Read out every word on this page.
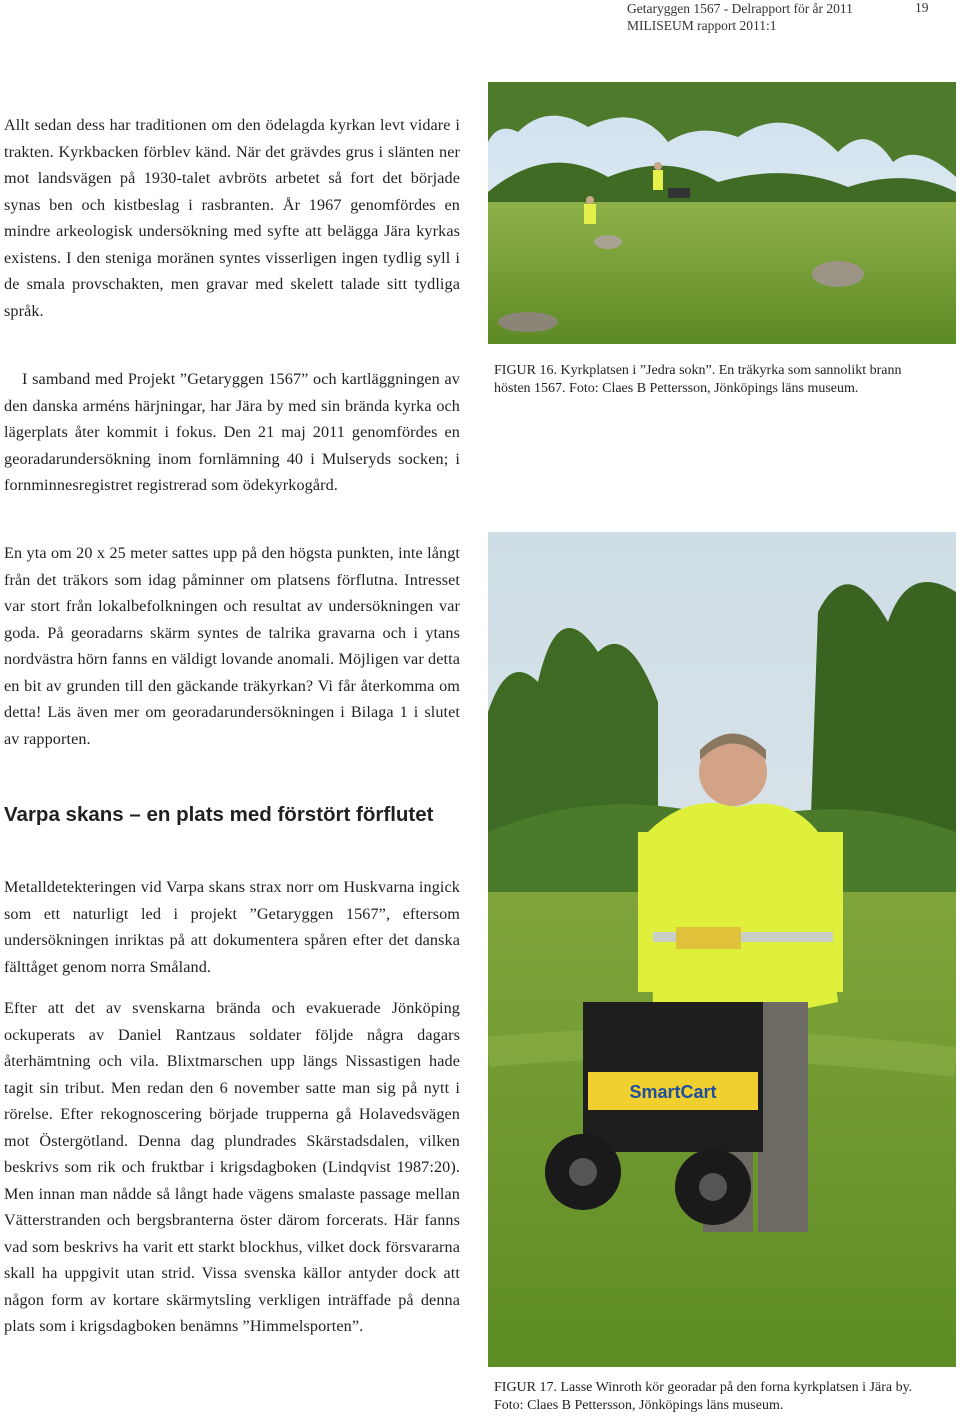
Getaryggen 1567 - Delrapport för år 2011
MILISEUM rapport 2011:1
19

Allt sedan dess har traditionen om den ödelagda kyrkan levt vidare i trakten. Kyrkbacken förblev känd. När det grävdes grus i slänten ner mot landsvägen på 1930-talet avbröts arbetet så fort det började synas ben och kistbeslag i rasbranten. År 1967 genomfördes en mindre arkeologisk undersökning med syfte att belägga Jära kyrkas existens. I den steniga moränen syntes visserligen ingen tydlig syll i de smala provschakten, men gravar med skelett talade sitt tydliga språk.

I samband med Projekt ”Getaryggen 1567” och kartläggningen av den danska arméns härjningar, har Jära by med sin brända kyrka och lägerplats åter kommit i fokus. Den 21 maj 2011 genomfördes en georadarundersökning inom fornlämning 40 i Mulseryds socken; i fornminnesregistret registrerad som ödekyrkogård.

En yta om 20 x 25 meter sattes upp på den högsta punkten, inte långt från det träkors som idag påminner om platsens förflutna. Intresset var stort från lokalbefolkningen och resultat av undersökningen var goda. På georadarns skärm syntes de talrika gravarna och i ytans nordvästra hörn fanns en väldigt lovande anomali. Möjligen var detta en bit av grunden till den gäckande träkyrkan? Vi får återkomma om detta! Läs även mer om georadarundersökningen i Bilaga 1 i slutet av rapporten.

Varpa skans – en plats med förstört förflutet

Metalldetekteringen vid Varpa skans strax norr om Huskvarna ingick som ett naturligt led i projekt ”Getaryggen 1567”, eftersom undersökningen inriktas på att dokumentera spåren efter det danska fälttåget genom norra Småland.

Efter att det av svenskarna brända och evakuerade Jönköping ockuperats av Daniel Rantzaus soldater följde några dagars återhämtning och vila. Blixtmarschen upp längs Nissastigen hade tagit sin tribut. Men redan den 6 november satte man sig på nytt i rörelse. Efter rekognoscering började trupperna gå Holavedsvägen mot Östergötland. Denna dag plundrades Skärstadsdalen, vilken beskrivs som rik och fruktbar i krigsdagboken (Lindqvist 1987:20). Men innan man nådde så långt hade vägens smalaste passage mellan Vätterstranden och bergsbranterna öster därom forcerats. Här fanns vad som beskrivs ha varit ett starkt blockhus, vilket dock försvararna skall ha uppgivit utan strid. Vissa svenska källor antyder dock att någon form av kortare skärmytsling verkligen inträffade på denna plats som i krigsdagboken benämns ”Himmelsporten”.

FIGUR 16. Kyrkplatsen i ”Jedra sokn”. En träkyrka som sannolikt brann hösten 1567. Foto: Claes B Pettersson, Jönköpings läns museum.

SmartCart

FIGUR 17. Lasse Winroth kör georadar på den forna kyrkplatsen i Jära by. Foto: Claes B Pettersson, Jönköpings läns museum.
